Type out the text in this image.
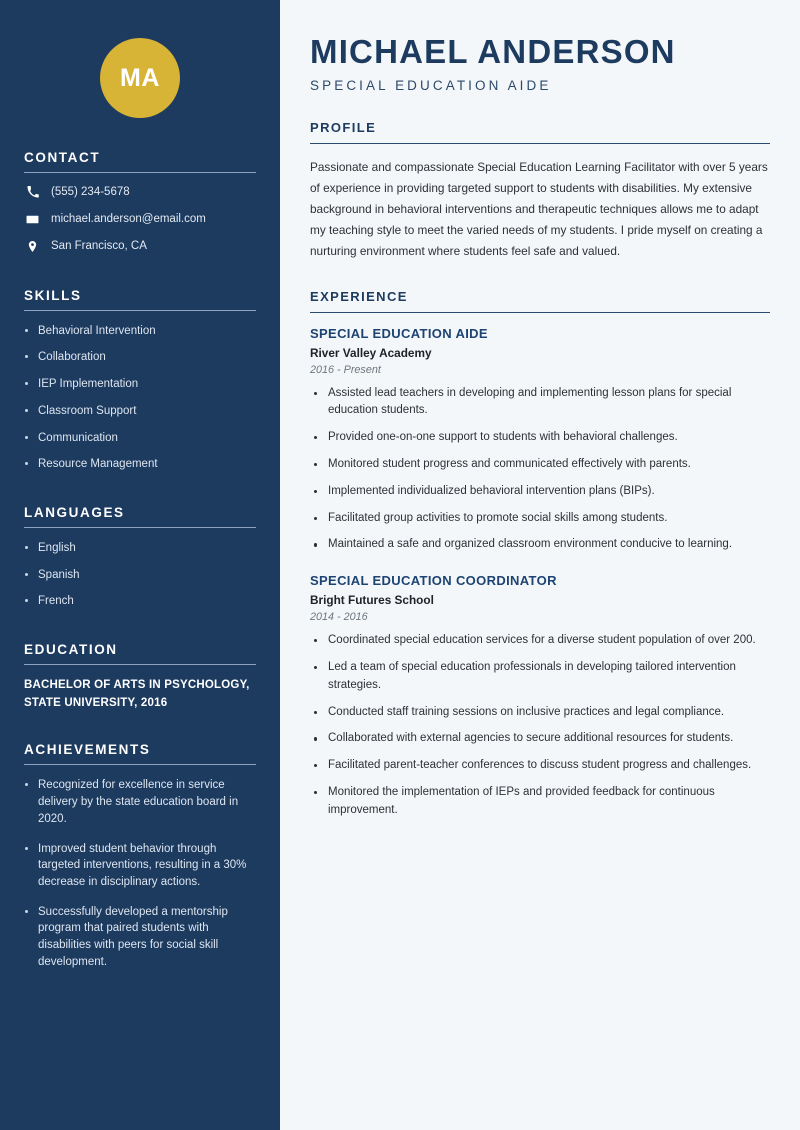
MA
CONTACT
(555) 234-5678
michael.anderson@email.com
San Francisco, CA
SKILLS
Behavioral Intervention
Collaboration
IEP Implementation
Classroom Support
Communication
Resource Management
LANGUAGES
English
Spanish
French
EDUCATION
BACHELOR OF ARTS IN PSYCHOLOGY, STATE UNIVERSITY, 2016
ACHIEVEMENTS
Recognized for excellence in service delivery by the state education board in 2020.
Improved student behavior through targeted interventions, resulting in a 30% decrease in disciplinary actions.
Successfully developed a mentorship program that paired students with disabilities with peers for social skill development.
MICHAEL ANDERSON
SPECIAL EDUCATION AIDE
PROFILE

Passionate and compassionate Special Education Learning Facilitator with over 5 years of experience in providing targeted support to students with disabilities. My extensive background in behavioral interventions and therapeutic techniques allows me to adapt my teaching style to meet the varied needs of my students. I pride myself on creating a nurturing environment where students feel safe and valued.

EXPERIENCE
SPECIAL EDUCATION AIDE
River Valley Academy
2016 - Present
Assisted lead teachers in developing and implementing lesson plans for special education students.
Provided one-on-one support to students with behavioral challenges.
Monitored student progress and communicated effectively with parents.
Implemented individualized behavioral intervention plans (BIPs).
Facilitated group activities to promote social skills among students.
Maintained a safe and organized classroom environment conducive to learning.
SPECIAL EDUCATION COORDINATOR
Bright Futures School
2014 - 2016
Coordinated special education services for a diverse student population of over 200.
Led a team of special education professionals in developing tailored intervention strategies.
Conducted staff training sessions on inclusive practices and legal compliance.
Collaborated with external agencies to secure additional resources for students.
Facilitated parent-teacher conferences to discuss student progress and challenges.
Monitored the implementation of IEPs and provided feedback for continuous improvement.
